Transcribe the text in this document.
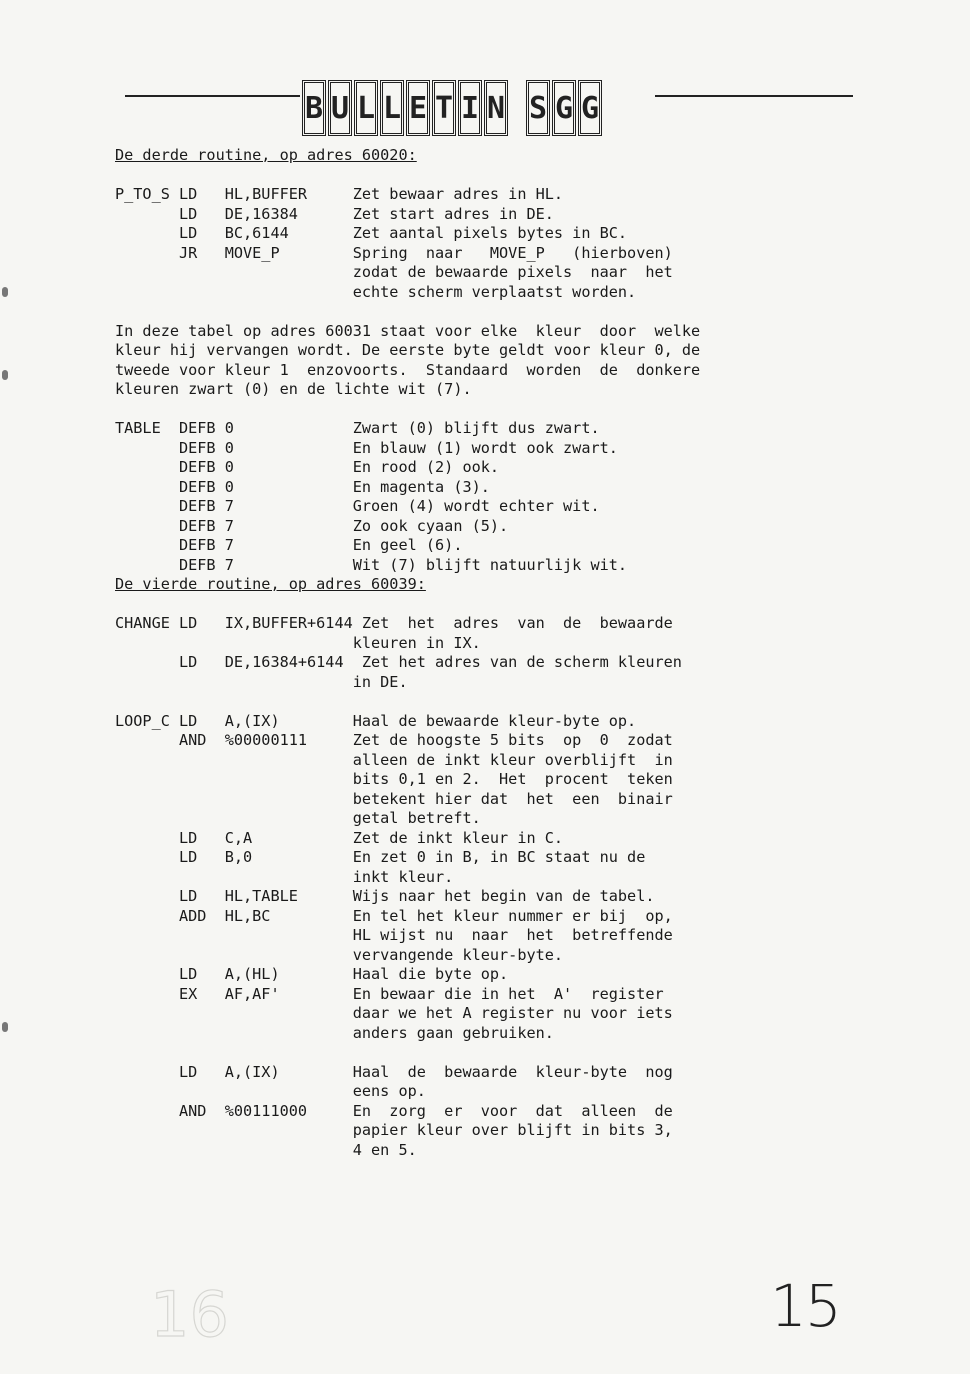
B U L L E T I N S G G
De derde routine, op adres 60020:
P_TO_S LD   HL,BUFFER     Zet bewaar adres in HL.
LD   DE,16384      Zet start adres in DE.
LD   BC,6144       Zet aantal pixels bytes in BC.
JR   MOVE_P        Spring  naar   MOVE_P   (hierboven)
zodat de bewaarde pixels  naar  het
echte scherm verplaatst worden.
In deze tabel op adres 60031 staat voor elke  kleur  door  welke
kleur hij vervangen wordt. De eerste byte geldt voor kleur 0, de
tweede voor kleur 1  enzovoorts.  Standaard  worden  de  donkere
kleuren zwart (0) en de lichte wit (7).
TABLE  DEFB 0             Zwart (0) blijft dus zwart.
DEFB 0             En blauw (1) wordt ook zwart.
DEFB 0             En rood (2) ook.
DEFB 0             En magenta (3).
DEFB 7             Groen (4) wordt echter wit.
DEFB 7             Zo ook cyaan (5).
DEFB 7             En geel (6).
DEFB 7             Wit (7) blijft natuurlijk wit.
De vierde routine, op adres 60039:
CHANGE LD   IX,BUFFER+6144 Zet  het  adres  van  de  bewaarde
kleuren in IX.
LD   DE,16384+6144  Zet het adres van de scherm kleuren
in DE.
LOOP_C LD   A,(IX)        Haal de bewaarde kleur-byte op.
AND  %00000111     Zet de hoogste 5 bits  op  0  zodat
alleen de inkt kleur overblijft  in
bits 0,1 en 2.  Het  procent  teken
betekent hier dat  het  een  binair
getal betreft.
LD   C,A           Zet de inkt kleur in C.
LD   B,0           En zet 0 in B, in BC staat nu de
inkt kleur.
LD   HL,TABLE      Wijs naar het begin van de tabel.
ADD  HL,BC         En tel het kleur nummer er bij  op,
HL wijst nu  naar  het  betreffende
vervangende kleur-byte.
LD   A,(HL)        Haal die byte op.
EX   AF,AF'        En bewaar die in het  A'  register
daar we het A register nu voor iets
anders gaan gebruiken.
LD   A,(IX)        Haal  de  bewaarde  kleur-byte  nog
eens op.
AND  %00111000     En  zorg  er  voor  dat  alleen  de
papier kleur over blijft in bits 3,
4 en 5.
16	15
